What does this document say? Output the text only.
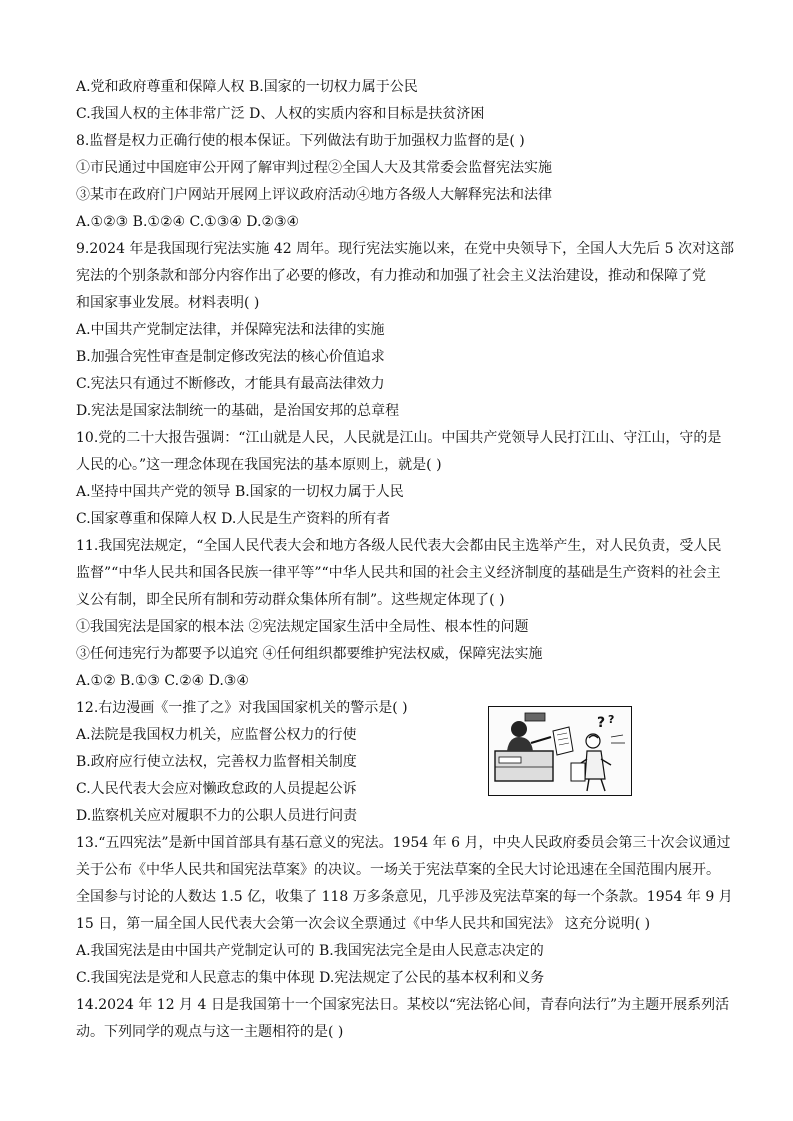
A.党和政府尊重和保障人权 B.国家的一切权力属于公民
C.我国人权的主体非常广泛 D、人权的实质内容和目标是扶贫济困
8.监督是权力正确行使的根本保证。下列做法有助于加强权力监督的是( )
①市民通过中国庭审公开网了解审判过程②全国人大及其常委会监督宪法实施
③某市在政府门户网站开展网上评议政府活动④地方各级人大解释宪法和法律
A.①②③ B.①②④ C.①③④ D.②③④
9.2024 年是我国现行宪法实施 42 周年。现行宪法实施以来，在党中央领导下，全国人大先后 5 次对这部
宪法的个别条款和部分内容作出了必要的修改，有力推动和加强了社会主义法治建设，推动和保障了党
和国家事业发展。材料表明( )
A.中国共产党制定法律，并保障宪法和法律的实施
B.加强合宪性审查是制定修改宪法的核心价值追求
C.宪法只有通过不断修改，才能具有最高法律效力
D.宪法是国家法制统一的基础，是治国安邦的总章程
10.党的二十大报告强调：“江山就是人民，人民就是江山。中国共产党领导人民打江山、守江山，守的是
人民的心。”这一理念体现在我国宪法的基本原则上，就是( )
A.坚持中国共产党的领导 B.国家的一切权力属于人民
C.国家尊重和保障人权 D.人民是生产资料的所有者
11.我国宪法规定，“全国人民代表大会和地方各级人民代表大会都由民主选举产生，对人民负责，受人民
监督”“中华人民共和国各民族一律平等”“中华人民共和国的社会主义经济制度的基础是生产资料的社会主
义公有制，即全民所有制和劳动群众集体所有制”。这些规定体现了( )
①我国宪法是国家的根本法 ②宪法规定国家生活中全局性、根本性的问题
③任何违宪行为都要予以追究 ④任何组织都要维护宪法权威，保障宪法实施
A.①② B.①③ C.②④ D.③④
12.右边漫画《一推了之》对我国国家机关的警示是( )
A.法院是我国权力机关，应监督公权力的行使
B.政府应行使立法权，完善权力监督相关制度
C.人民代表大会应对懒政怠政的人员提起公诉
D.监察机关应对履职不力的公职人员进行问责
13.“五四宪法”是新中国首部具有基石意义的宪法。1954 年 6 月，中央人民政府委员会第三十次会议通过
关于公布《中华人民共和国宪法草案》的决议。一场关于宪法草案的全民大讨论迅速在全国范围内展开。
全国参与讨论的人数达 1.5 亿，收集了 118 万多条意见，几乎涉及宪法草案的每一个条款。1954 年 9 月
15 日，第一届全国人民代表大会第一次会议全票通过《中华人民共和国宪法》 这充分说明( )
A.我国宪法是由中国共产党制定认可的 B.我国宪法完全是由人民意志决定的
C.我国宪法是党和人民意志的集中体现 D.宪法规定了公民的基本权利和义务
14.2024 年 12 月 4 日是我国第十一个国家宪法日。某校以“宪法铭心间，青春向法行”为主题开展系列活
动。下列同学的观点与这一主题相符的是( )
? ?
